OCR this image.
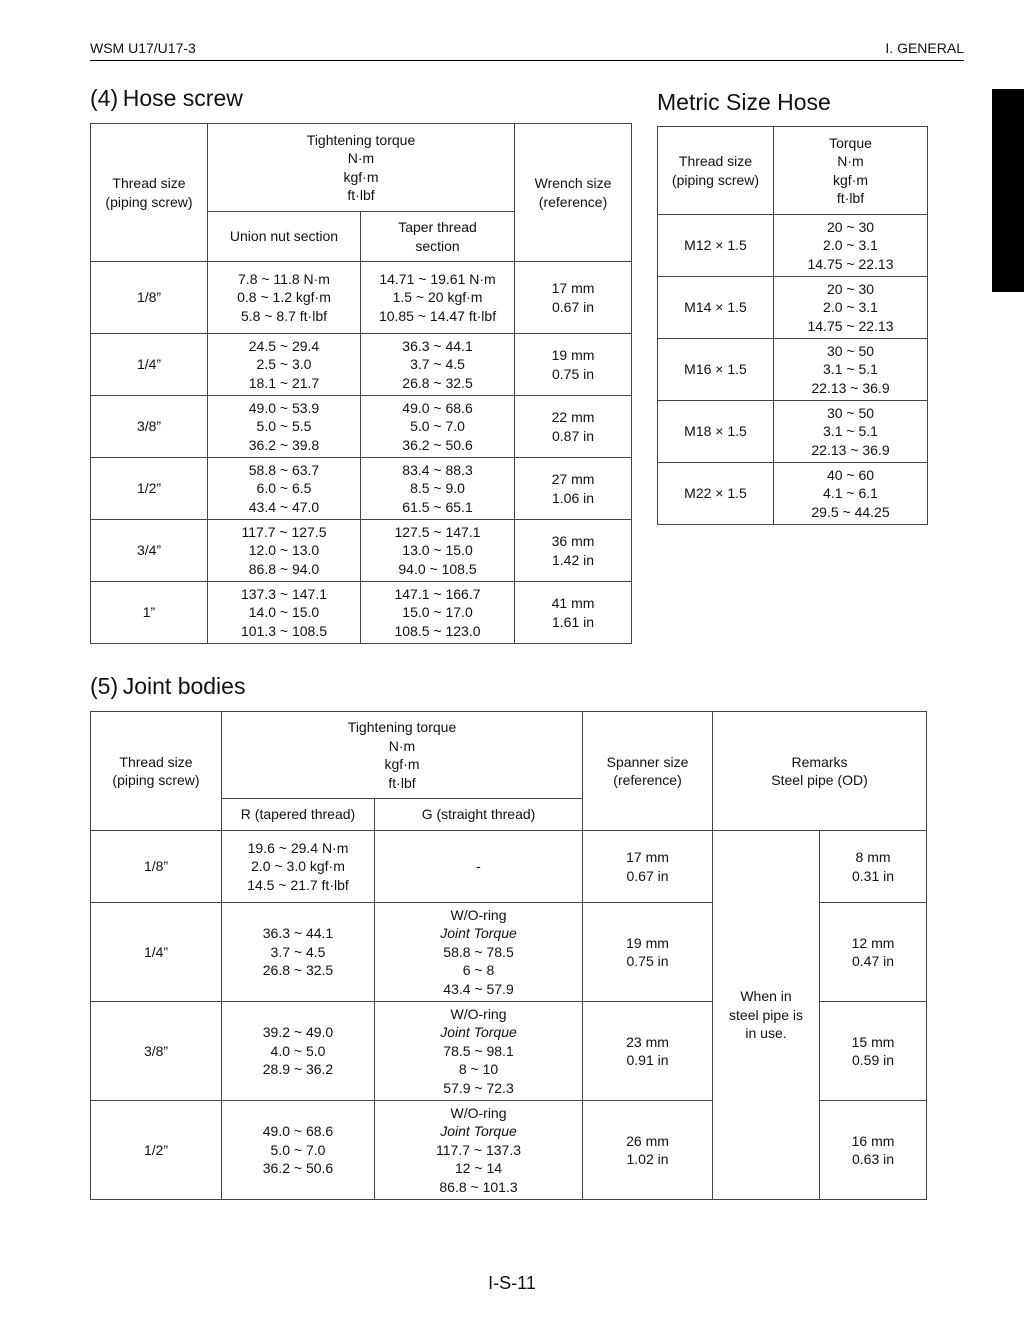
WSM U17/U17-3	I. GENERAL
(4) Hose screw
Thread size
(piping screw)	Tightening torque
N·m
kgf·m
ft·lbf		Wrench size
(reference)

	Union nut section	Taper thread
section	

1/8”	7.8 ~ 11.8 N·m
0.8 ~ 1.2 kgf·m
5.8 ~ 8.7 ft·lbf	14.71 ~ 19.61 N·m
1.5 ~ 20 kgf·m
10.85 ~ 14.47 ft·lbf	17 mm
0.67 in

1/4”	24.5 ~ 29.4
2.5 ~ 3.0
18.1 ~ 21.7	36.3 ~ 44.1
3.7 ~ 4.5
26.8 ~ 32.5	19 mm
0.75 in

3/8”	49.0 ~ 53.9
5.0 ~ 5.5
36.2 ~ 39.8	49.0 ~ 68.6
5.0 ~ 7.0
36.2 ~ 50.6	22 mm
0.87 in

1/2”	58.8 ~ 63.7
6.0 ~ 6.5
43.4 ~ 47.0	83.4 ~ 88.3
8.5 ~ 9.0
61.5 ~ 65.1	27 mm
1.06 in

3/4”	117.7 ~ 127.5
12.0 ~ 13.0
86.8 ~ 94.0	127.5 ~ 147.1
13.0 ~ 15.0
94.0 ~ 108.5	36 mm
1.42 in

1”	137.3 ~ 147.1
14.0 ~ 15.0
101.3 ~ 108.5	147.1 ~ 166.7
15.0 ~ 17.0
108.5 ~ 123.0	41 mm
1.61 in
Metric Size Hose
Thread size
(piping screw)	Torque
N·m
kgf·m
ft·lbf

M12 × 1.5	20 ~ 30
2.0 ~ 3.1
14.75 ~ 22.13

M14 × 1.5	20 ~ 30
2.0 ~ 3.1
14.75 ~ 22.13

M16 × 1.5	30 ~ 50
3.1 ~ 5.1
22.13 ~ 36.9

M18 × 1.5	30 ~ 50
3.1 ~ 5.1
22.13 ~ 36.9

M22 × 1.5	40 ~ 60
4.1 ~ 6.1
29.5 ~ 44.25
(5) Joint bodies
Thread size
(piping screw)	Tightening torque
N·m
kgf·m
ft·lbf		Spanner size
(reference)	Remarks
Steel pipe (OD)	

	R (tapered thread)	G (straight thread)			
1/8”	19.6 ~ 29.4 N·m
2.0 ~ 3.0 kgf·m
14.5 ~ 21.7 ft·lbf	-	17 mm
0.67 in	When in
steel pipe is
in use.	8 mm
0.31 in

1/4”	36.3 ~ 44.1
3.7 ~ 4.5
26.8 ~ 32.5	W/O-ring
Joint Torque
58.8 ~ 78.5
6 ~ 8
43.4 ~ 57.9	19 mm
0.75 in		12 mm
0.47 in

3/8”	39.2 ~ 49.0
4.0 ~ 5.0
28.9 ~ 36.2	W/O-ring
Joint Torque
78.5 ~ 98.1
8 ~ 10
57.9 ~ 72.3	23 mm
0.91 in		15 mm
0.59 in

1/2”	49.0 ~ 68.6
5.0 ~ 7.0
36.2 ~ 50.6	W/O-ring
Joint Torque
117.7 ~ 137.3
12 ~ 14
86.8 ~ 101.3	26 mm
1.02 in		16 mm
0.63 in
I-S-11
